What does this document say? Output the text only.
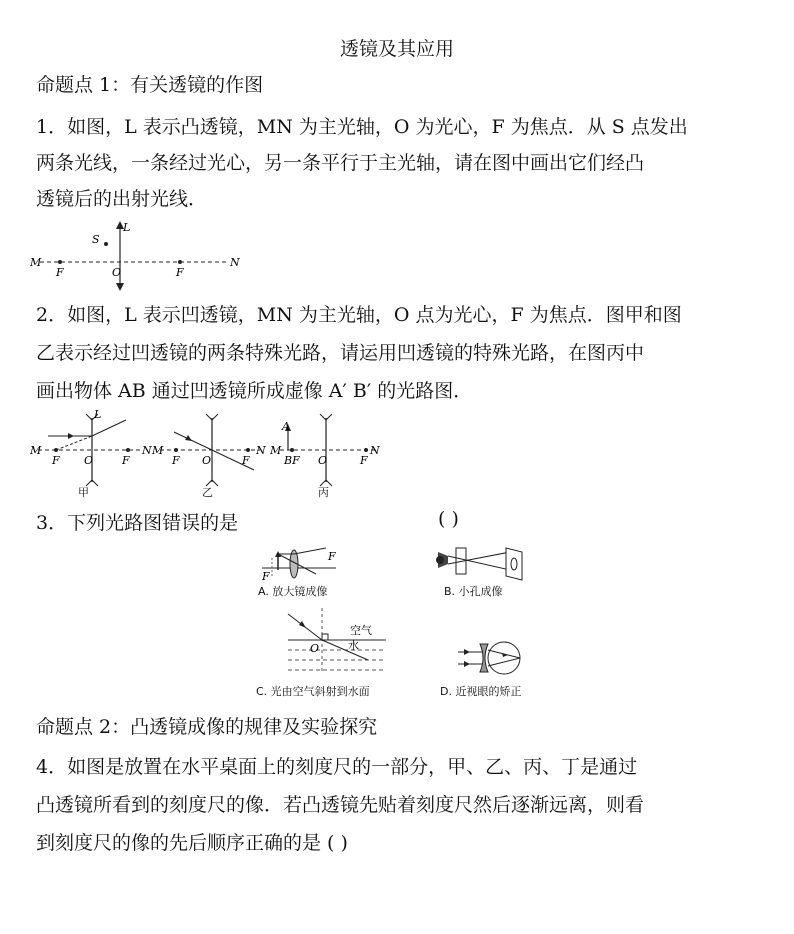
透镜及其应用
命题点 1：有关透镜的作图
1．如图，L 表示凸透镜，MN 为主光轴，O 为光心，F 为焦点．从 S 点发出
两条光线，一条经过光心，另一条平行于主光轴，请在图中画出它们经凸
透镜后的出射光线．
L
S
M	N
F	F
O
2．如图，L 表示凹透镜，MN 为主光轴，O 点为光心，F 为焦点．图甲和图
乙表示经过凹透镜的两条特殊光路，请运用凹透镜的特殊光路，在图丙中
画出物体 AB 通过凹透镜所成虚像 A′ B′ 的光路图．
M	N
F	F
O
L
M	N
F	F
O
A
M	N
BF	F
O
甲	乙	丙
3．下列光路图错误的是	( )
F
F
A. 放大镜成像	B. 小孔成像
空气
水
O
C. 光由空气斜射到水面	D. 近视眼的矫正
命题点 2：凸透镜成像的规律及实验探究
4．如图是放置在水平桌面上的刻度尺的一部分，甲、乙、丙、丁是通过
凸透镜所看到的刻度尺的像．若凸透镜先贴着刻度尺然后逐渐远离，则看
到刻度尺的像的先后顺序正确的是 ( )
